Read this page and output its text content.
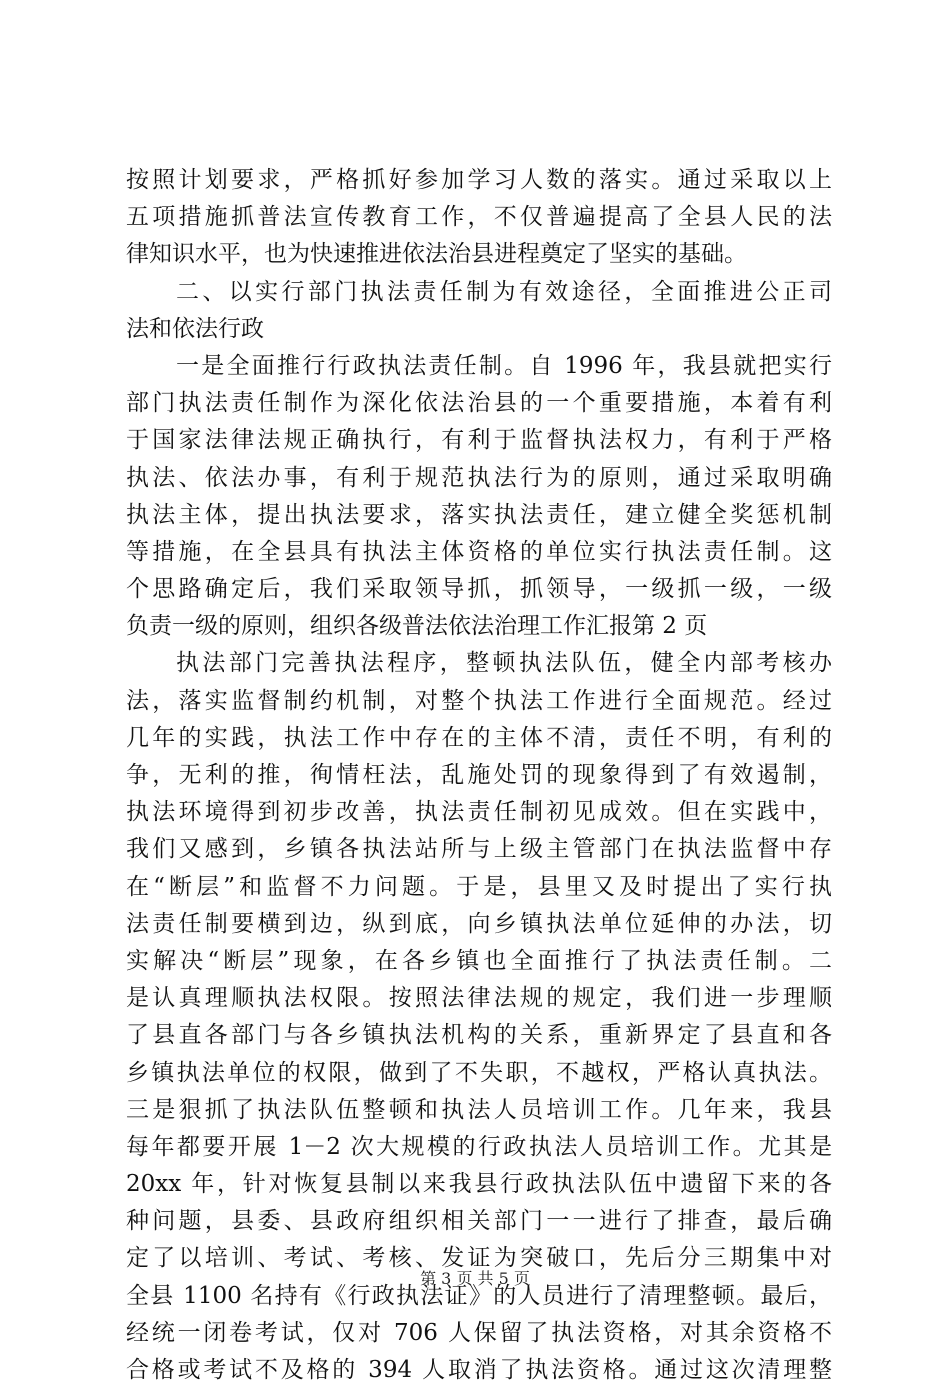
按照计划要求，严格抓好参加学习人数的落实。通过采取以上
五项措施抓普法宣传教育工作，不仅普遍提高了全县人民的法
律知识水平，也为快速推进依法治县进程奠定了坚实的基础。
二、以实行部门执法责任制为有效途径，全面推进公正司
法和依法行政
一是全面推行行政执法责任制。自 1996 年，我县就把实行
部门执法责任制作为深化依法治县的一个重要措施，本着有利
于国家法律法规正确执行，有利于监督执法权力，有利于严格
执法、依法办事，有利于规范执法行为的原则，通过采取明确
执法主体，提出执法要求，落实执法责任，建立健全奖惩机制
等措施，在全县具有执法主体资格的单位实行执法责任制。这
个思路确定后，我们采取领导抓，抓领导，一级抓一级，一级
负责一级的原则，组织各级普法依法治理工作汇报第 2 页
执法部门完善执法程序，整顿执法队伍，健全内部考核办
法，落实监督制约机制，对整个执法工作进行全面规范。经过
几年的实践，执法工作中存在的主体不清，责任不明，有利的
争，无利的推，徇情枉法，乱施处罚的现象得到了有效遏制，
执法环境得到初步改善，执法责任制初见成效。但在实践中，
我们又感到，乡镇各执法站所与上级主管部门在执法监督中存
在“断层”和监督不力问题。于是，县里又及时提出了实行执
法责任制要横到边，纵到底，向乡镇执法单位延伸的办法，切
实解决“断层”现象，在各乡镇也全面推行了执法责任制。二
是认真理顺执法权限。按照法律法规的规定，我们进一步理顺
了县直各部门与各乡镇执法机构的关系，重新界定了县直和各
乡镇执法单位的权限，做到了不失职，不越权，严格认真执法。
三是狠抓了执法队伍整顿和执法人员培训工作。几年来，我县
每年都要开展 1－2 次大规模的行政执法人员培训工作。尤其是
20xx 年，针对恢复县制以来我县行政执法队伍中遗留下来的各
种问题，县委、县政府组织相关部门一一进行了排查，最后确
定了以培训、考试、考核、发证为突破口，先后分三期集中对
全县 1100 名持有《行政执法证》的人员进行了清理整顿。最后，
经统一闭卷考试，仅对 706 人保留了执法资格，对其余资格不
合格或考试不及格的 394 人取消了执法资格。通过这次清理整
第 3 页 共 5 页
